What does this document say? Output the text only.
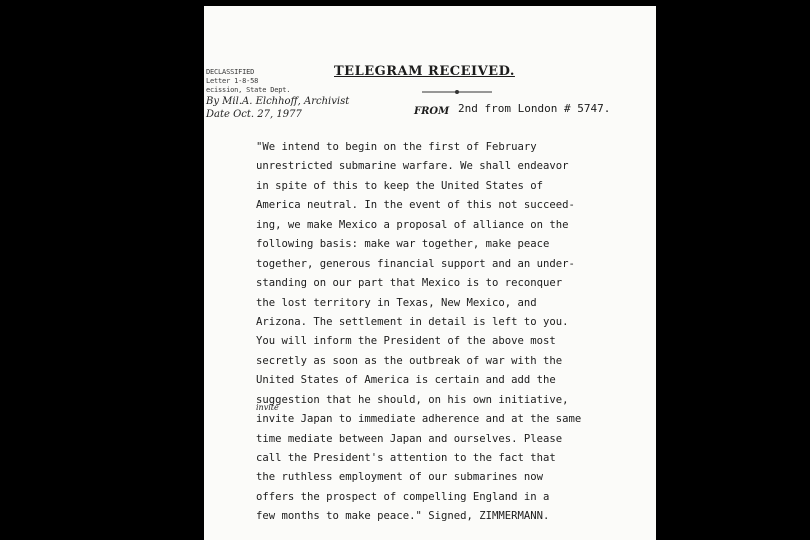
DECLASSIFIED
Letter 1-8-58
ecission, State Dept.
By Mil.A. Elchhoff, Archivist
Date Oct. 27, 1977
TELEGRAM RECEIVED.
FROM 2nd from London # 5747.
"We intend to begin on the first of February
unrestricted submarine warfare. We shall endeavor
in spite of this to keep the United States of
America neutral. In the event of this not succeed-
ing, we make Mexico a proposal of alliance on the
following basis: make war together, make peace
together, generous financial support and an under-
standing on our part that Mexico is to reconquer
the lost territory in Texas, New Mexico, and
Arizona. The settlement in detail is left to you.
You will inform the President of the above most
secretly as soon as the outbreak of war with the
United States of America is certain and add the
suggestion that he should, on his own initiative,
invite Japan to immediate adherence and at the same
time mediate between Japan and ourselves. Please
call the President's attention to the fact that
the ruthless employment of our submarines now
offers the prospect of compelling England in a
few months to make peace." Signed, ZIMMERMANN.
invite
